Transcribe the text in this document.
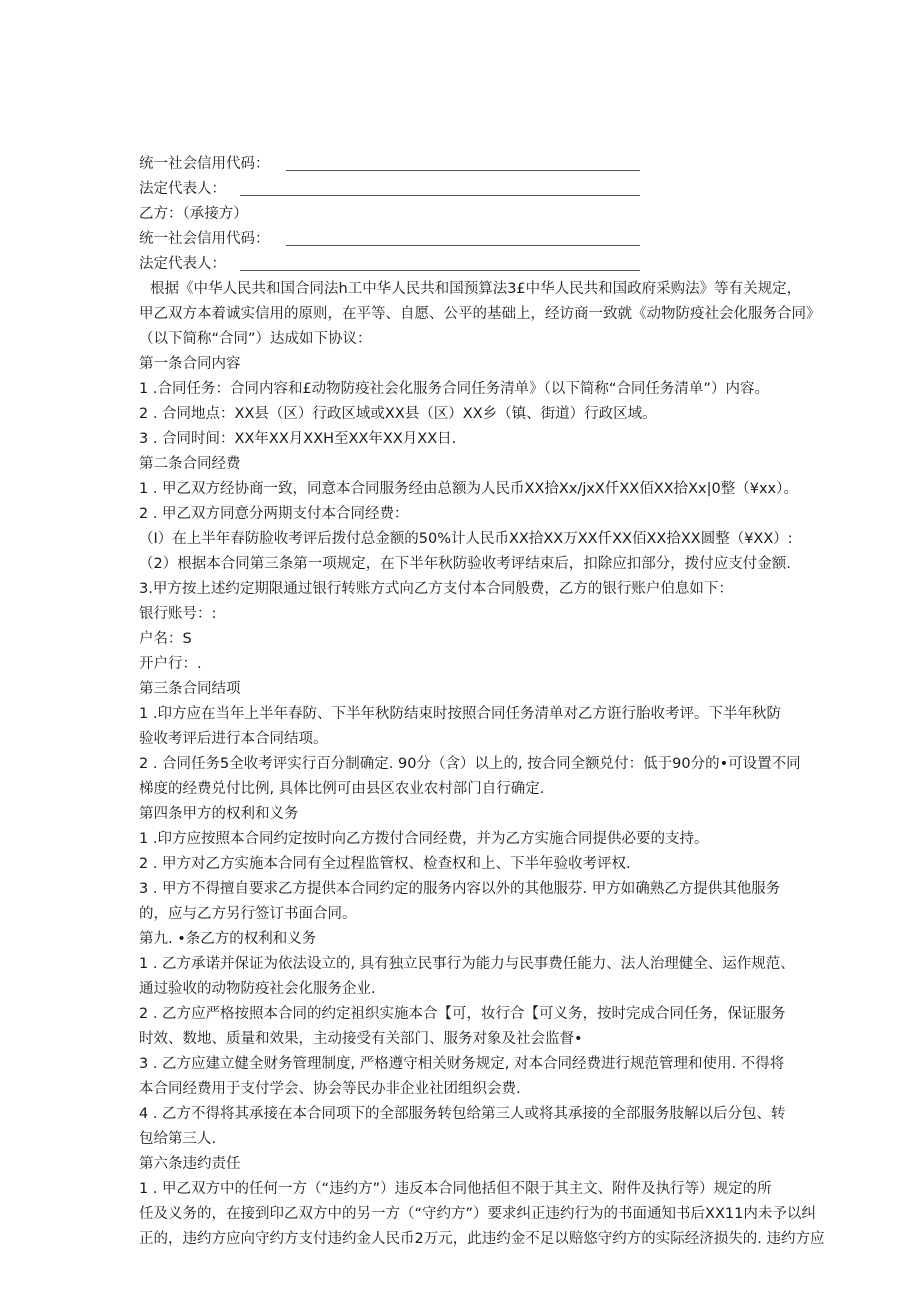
统一社会信用代码：
法定代表人：
乙方：（承接方）
统一社会信用代码：
法定代表人：
根据《中华人民共和国合同法h工中华人民共和国预算法3£中华人民共和国政府采购法》等有关规定，
甲乙双方本着诚实信用的原则，在平等、自愿、公平的基础上，经访商一致就《动物防疫社会化服务合同》
（以下简称“合同”）达成如下协议：
第一条合同内容
1 .合同任务：合同内容和£动物防疫社会化服务合同任务清单》（以下简称“合同任务清单”）内容。
2 . 合同地点：XX县（区）行政区域或XX县（区）XX乡（镇、街道）行政区域。
3 . 合同时间：XX年XX月XXH至XX年XX月XX日.
第二条合同经费
1 . 甲乙双方经协商一致，同意本合同服务经由总额为人民币XX拾Xx/jxX仟XX佰XX拾Xx|0整（¥xx）。
2 . 甲乙双方同意分两期支付本合同经费：
（I）在上半年春防脸收考评后拨付总金额的50%计人民币XX拾XX万XX仟XX佰XX拾XX圆整（¥XX）:
（2）根据本合同第三条第一项规定，在下半年秋防验收考评结束后，扣除应扣部分，拨付应支付金额.
3.甲方按上述约定期限通过银行转账方式向乙方支付本合同般费，乙方的银行账户伯息如下：
银行账号：:
户名：S
开户行：.
第三条合同结项
1 .印方应在当年上半年春防、下半年秋防结束时按照合同任务清单对乙方诳行胎收考评。下半年秋防
验收考评后进行本合同结项。
2 . 合同任务5全收考评实行百分制确定. 90分（含）以上的, 按合同全额兑付：低于90分的•可设置不同
梯度的经费兑付比例, 具体比例可由县区农业农村部门自行确定.
第四条甲方的权利和义务
1 .印方应按照本合同约定按时向乙方拨付合同经费，并为乙方实施合同提供必要的支持。
2 . 甲方对乙方实施本合同有全过程监管权、检查权和上、下半年验收考评权.
3 . 甲方不得擅自要求乙方提供本合同约定的服务内容以外的其他服芬. 甲方如确熟乙方提供其他服务
的，应与乙方另行签订书面合同。
第九. •条乙方的权利和义务
1 . 乙方承诺并保证为依法设立的, 具有独立民事行为能力与民事费任能力、法人治理健全、运作规范、
通过验收的动物防疫社会化服务企业.
2 . 乙方应严格按照本合同的约定祖织实施本合【可，妆行合【可义务，按时完成合同任务，保证服务
时效、数地、质量和效果，主动接受有关部门、服务对象及社会监督•
3 . 乙方应建立健全财务管理制度, 严格遵守相关财务规定, 对本合同经费进行规范管理和使用. 不得将
本合同经费用于支付学会、协会等民办非企业社团组织会费.
4 . 乙方不得将其承接在本合同项下的全部服务转包给第三人或将其承接的全部服务肢解以后分包、转
包给第三人.
第六条违约责任
1 . 甲乙双方中的任何一方（“违约方”）违反本合同他括但不限于其主文、附件及执行等）规定的所
任及义务的，在接到印乙双方中的另一方（“守约方”）要求纠正违约行为的书面通知书后XX11内未予以纠
正的，违约方应向守约方支付违约金人民币2万元，此违约金不足以赔悠守约方的实际经济损失的. 违约方应
